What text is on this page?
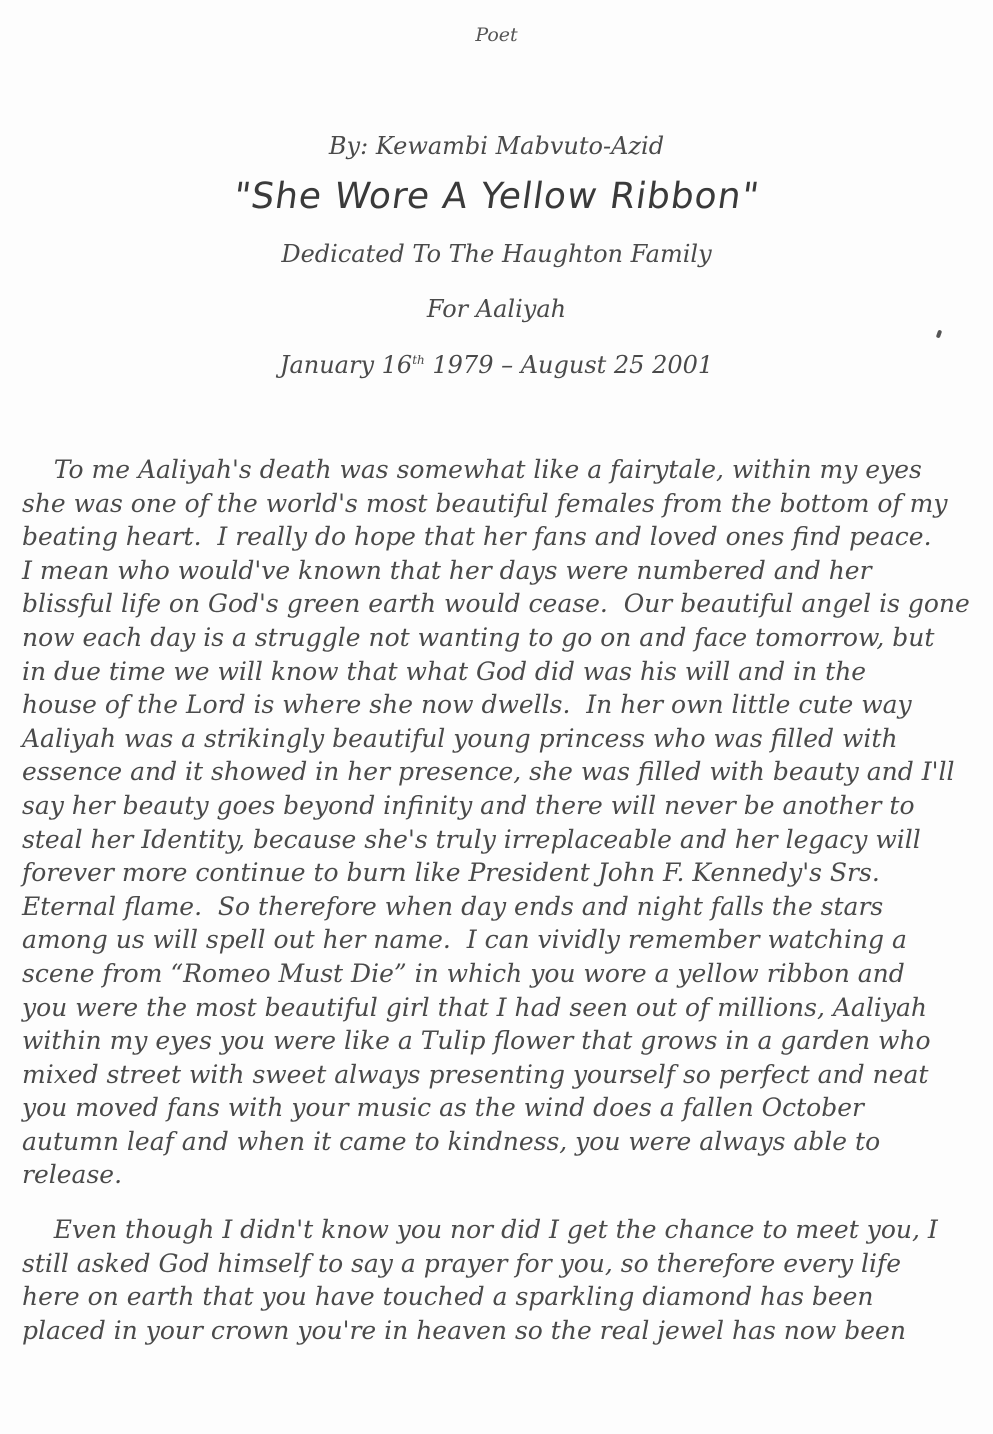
Poet
By: Kewambi Mabvuto-Azid
"She Wore A Yellow Ribbon"
Dedicated To The Haughton Family
For Aaliyah
January 16th 1979 – August 25 2001
To me Aaliyah's death was somewhat like a fairytale, within my eyes
she was one of the world's most beautiful females from the bottom of my
beating heart.  I really do hope that her fans and loved ones find peace.
I mean who would've known that her days were numbered and her
blissful life on God's green earth would cease.  Our beautiful angel is gone
now each day is a struggle not wanting to go on and face tomorrow, but
in due time we will know that what God did was his will and in the
house of the Lord is where she now dwells.  In her own little cute way
Aaliyah was a strikingly beautiful young princess who was filled with
essence and it showed in her presence, she was filled with beauty and I'll
say her beauty goes beyond infinity and there will never be another to
steal her Identity, because she's truly irreplaceable and her legacy will
forever more continue to burn like President John F. Kennedy's Srs.
Eternal flame.  So therefore when day ends and night falls the stars
among us will spell out her name.  I can vividly remember watching a
scene from “Romeo Must Die” in which you wore a yellow ribbon and
you were the most beautiful girl that I had seen out of millions, Aaliyah
within my eyes you were like a Tulip flower that grows in a garden who
mixed street with sweet always presenting yourself so perfect and neat
you moved fans with your music as the wind does a fallen October
autumn leaf and when it came to kindness, you were always able to
release.
Even though I didn't know you nor did I get the chance to meet you, I
still asked God himself to say a prayer for you, so therefore every life
here on earth that you have touched a sparkling diamond has been
placed in your crown you're in heaven so the real jewel has now been
